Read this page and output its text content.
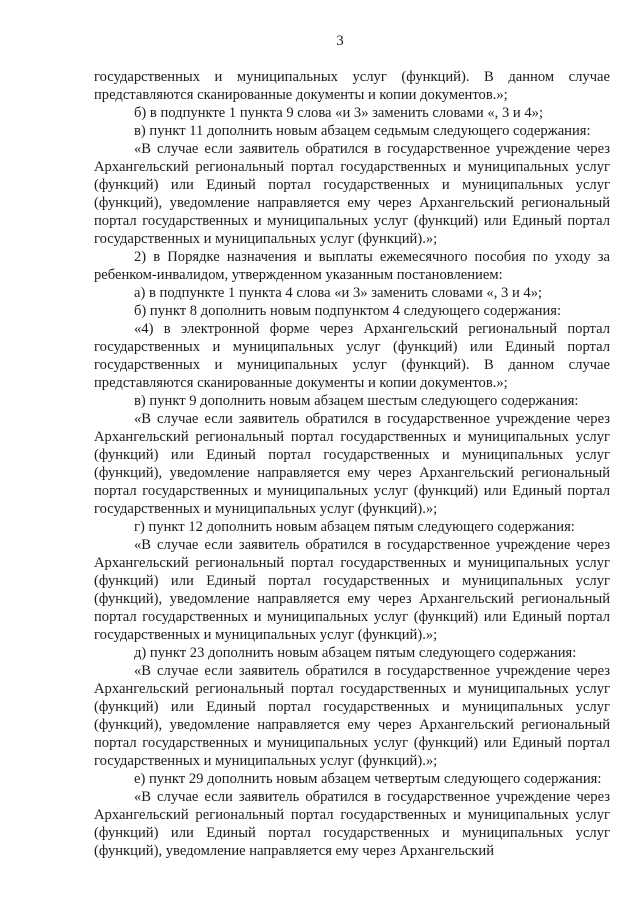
3

государственных и муниципальных услуг (функций). В данном случае представляются сканированные документы и копии документов.»;

б) в подпункте 1 пункта 9 слова «и 3» заменить словами «, 3 и 4»;

в) пункт 11 дополнить новым абзацем седьмым следующего содержания:

«В случае если заявитель обратился в государственное учреждение через Архангельский региональный портал государственных и муниципальных услуг (функций) или Единый портал государственных и муниципальных услуг (функций), уведомление направляется ему через Архангельский региональный портал государственных и муниципальных услуг (функций) или Единый портал государственных и муниципальных услуг (функций).»;

2) в Порядке назначения и выплаты ежемесячного пособия по уходу за ребенком-инвалидом, утвержденном указанным постановлением:

а) в подпункте 1 пункта 4 слова «и 3» заменить словами «, 3 и 4»;

б) пункт 8 дополнить новым подпунктом 4 следующего содержания:

«4) в электронной форме через Архангельский региональный портал государственных и муниципальных услуг (функций) или Единый портал государственных и муниципальных услуг (функций). В данном случае представляются сканированные документы и копии документов.»;

в) пункт 9 дополнить новым абзацем шестым следующего содержания:

«В случае если заявитель обратился в государственное учреждение через Архангельский региональный портал государственных и муниципальных услуг (функций) или Единый портал государственных и муниципальных услуг (функций), уведомление направляется ему через Архангельский региональный портал государственных и муниципальных услуг (функций) или Единый портал государственных и муниципальных услуг (функций).»;

г) пункт 12 дополнить новым абзацем пятым следующего содержания:

«В случае если заявитель обратился в государственное учреждение через Архангельский региональный портал государственных и муниципальных услуг (функций) или Единый портал государственных и муниципальных услуг (функций), уведомление направляется ему через Архангельский региональный портал государственных и муниципальных услуг (функций) или Единый портал государственных и муниципальных услуг (функций).»;

д) пункт 23 дополнить новым абзацем пятым следующего содержания:

«В случае если заявитель обратился в государственное учреждение через Архангельский региональный портал государственных и муниципальных услуг (функций) или Единый портал государственных и муниципальных услуг (функций), уведомление направляется ему через Архангельский региональный портал государственных и муниципальных услуг (функций) или Единый портал государственных и муниципальных услуг (функций).»;

е) пункт 29 дополнить новым абзацем четвертым следующего содержания:

«В случае если заявитель обратился в государственное учреждение через Архангельский региональный портал государственных и муниципальных услуг (функций) или Единый портал государственных и муниципальных услуг (функций), уведомление направляется ему через Архангельский
